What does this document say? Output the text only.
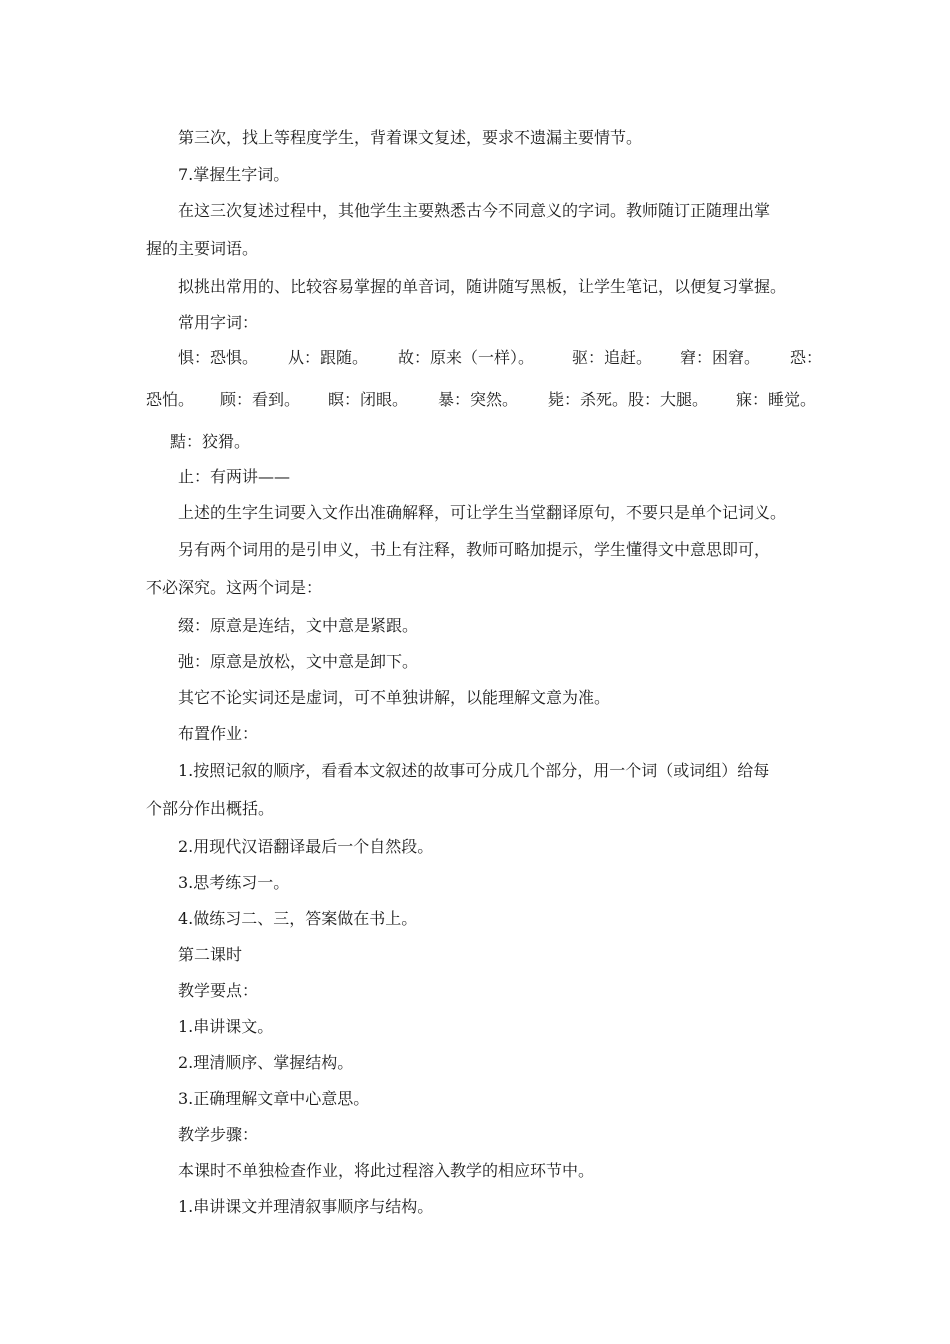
第三次，找上等程度学生，背着课文复述，要求不遗漏主要情节。
7.掌握生字词。
在这三次复述过程中，其他学生主要熟悉古今不同意义的字词。教师随订正随理出掌
握的主要词语。
拟挑出常用的、比较容易掌握的单音词，随讲随写黑板，让学生笔记，以便复习掌握。
常用字词：
惧：恐惧。 从：跟随。 故：原来（一样）。 驱：追赶。 窘：困窘。 恐：
恐怕。 顾：看到。 瞑：闭眼。 暴：突然。 毙：杀死。股：大腿。 寐：睡觉。
黠：狡猾。
止：有两讲——
上述的生字生词要入文作出准确解释，可让学生当堂翻译原句，不要只是单个记词义。
另有两个词用的是引申义，书上有注释，教师可略加提示，学生懂得文中意思即可，
不必深究。这两个词是：
缀：原意是连结，文中意是紧跟。
弛：原意是放松，文中意是卸下。
其它不论实词还是虚词，可不单独讲解，以能理解文意为准。
布置作业：
1.按照记叙的顺序，看看本文叙述的故事可分成几个部分，用一个词（或词组）给每
个部分作出概括。
2.用现代汉语翻译最后一个自然段。
3.思考练习一。
4.做练习二、三，答案做在书上。
第二课时
教学要点：
1.串讲课文。
2.理清顺序、掌握结构。
3.正确理解文章中心意思。
教学步骤：
本课时不单独检查作业，将此过程溶入教学的相应环节中。
1.串讲课文并理清叙事顺序与结构。
